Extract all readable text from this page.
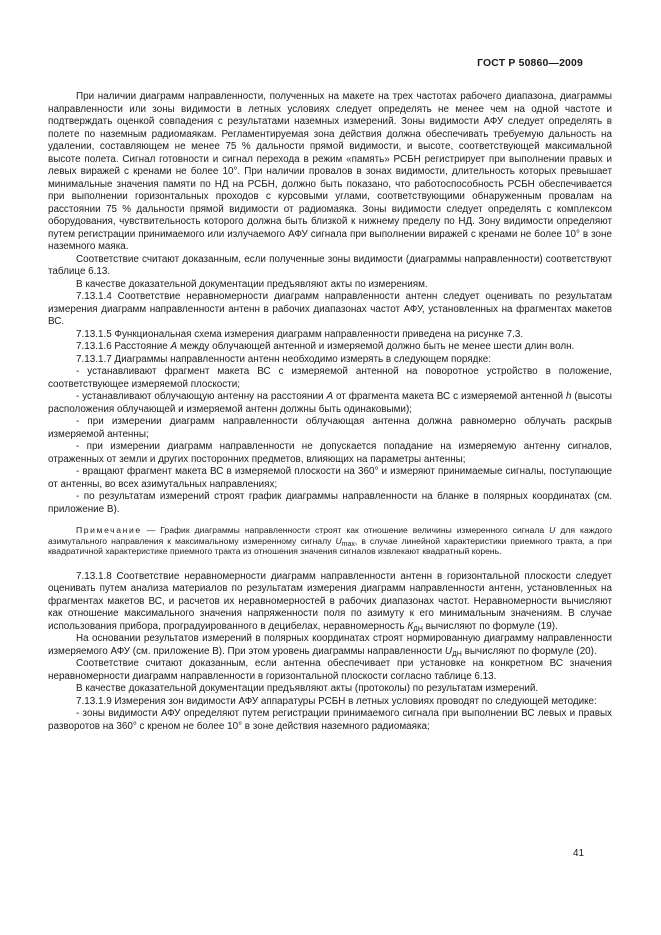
ГОСТ Р 50860—2009

При наличии диаграмм направленности, полученных на макете на трех частотах рабочего диапазона, диаграммы направленности или зоны видимости в летных условиях следует определять не менее чем на одной частоте и подтверждать оценкой совпадения с результатами наземных измерений. Зоны видимости АФУ следует определять в полете по наземным радиомаякам. Регламентируемая зона действия должна обеспечивать требуемую дальность на удалении, составляющем не менее 75 % дальности прямой видимости, и высоте, соответствующей максимальной высоте полета. Сигнал готовности и сигнал перехода в режим «память» РСБН регистрирует при выполнении правых и левых виражей с кренами не более 10°. При наличии провалов в зонах видимости, длительность которых превышает минимальные значения памяти по НД на РСБН, должно быть показано, что работоспособность РСБН обеспечивается при выполнении горизонтальных проходов с курсовыми углами, соответствующими обнаруженным провалам на расстоянии 75 % дальности прямой видимости от радиомаяка. Зоны видимости следует определять с комплексом оборудования, чувствительность которого должна быть близкой к нижнему пределу по НД. Зону видимости определяют путем регистрации принимаемого или излучаемого АФУ сигнала при выполнении виражей с кренами не более 10° в зоне наземного маяка.

Соответствие считают доказанным, если полученные зоны видимости (диаграммы направленности) соответствуют таблице 6.13.

В качестве доказательной документации предъявляют акты по измерениям.

7.13.1.4 Соответствие неравномерности диаграмм направленности антенн следует оценивать по результатам измерения диаграмм направленности антенн в рабочих диапазонах частот АФУ, установленных на фрагментах макетов ВС.

7.13.1.5 Функциональная схема измерения диаграмм направленности приведена на рисунке 7.3.

7.13.1.6 Расстояние А между облучающей антенной и измеряемой должно быть не менее шести длин волн.

7.13.1.7 Диаграммы направленности антенн необходимо измерять в следующем порядке:

- устанавливают фрагмент макета ВС с измеряемой антенной на поворотное устройство в положение, соответствующее измеряемой плоскости;

- устанавливают облучающую антенну на расстоянии А от фрагмента макета ВС с измеряемой антенной h (высоты расположения облучающей и измеряемой антенн должны быть одинаковыми);

- при измерении диаграмм направленности облучающая антенна должна равномерно облучать раскрыв измеряемой антенны;

- при измерении диаграмм направленности не допускается попадание на измеряемую антенну сигналов, отраженных от земли и других посторонних предметов, влияющих на параметры антенны;

- вращают фрагмент макета ВС в измеряемой плоскости на 360° и измеряют принимаемые сигналы, поступающие от антенны, во всех азимутальных направлениях;

- по результатам измерений строят график диаграммы направленности на бланке в полярных координатах (см. приложение В).

Примечание — График диаграммы направленности строят как отношение величины измеренного сигнала U для каждого азимутального направления к максимальному измеренному сигналу $U_{max}$, в случае линейной характеристики приемного тракта, а при квадратичной характеристике приемного тракта из отношения значения сигналов извлекают квадратный корень.

7.13.1.8 Соответствие неравномерности диаграмм направленности антенн в горизонтальной плоскости следует оценивать путем анализа материалов по результатам измерения диаграмм направленности антенн, установленных на фрагментах макетов ВС, и расчетов их неравномерностей в рабочих диапазонах частот. Неравномерности вычисляют как отношение максимального значения напряженности поля по азимуту к его минимальным значениям. В случае использования прибора, проградуированного в децибелах, неравномерность $К_{ДН}$ вычисляют по формуле (19).

На основании результатов измерений в полярных координатах строят нормированную диаграмму направленности измеряемого АФУ (см. приложение В). При этом уровень диаграммы направленности $U_{ДН}$ вычисляют по формуле (20).

Соответствие считают доказанным, если антенна обеспечивает при установке на конкретном ВС значения неравномерности диаграмм направленности в горизонтальной плоскости согласно таблице 6.13.

В качестве доказательной документации предъявляют акты (протоколы) по результатам измерений.

7.13.1.9 Измерения зон видимости АФУ аппаратуры РСБН в летных условиях проводят по следующей методике:

- зоны видимости АФУ определяют путем регистрации принимаемого сигнала при выполнении ВС левых и правых разворотов на 360° с креном не более 10° в зоне действия наземного радиомаяка;

41
